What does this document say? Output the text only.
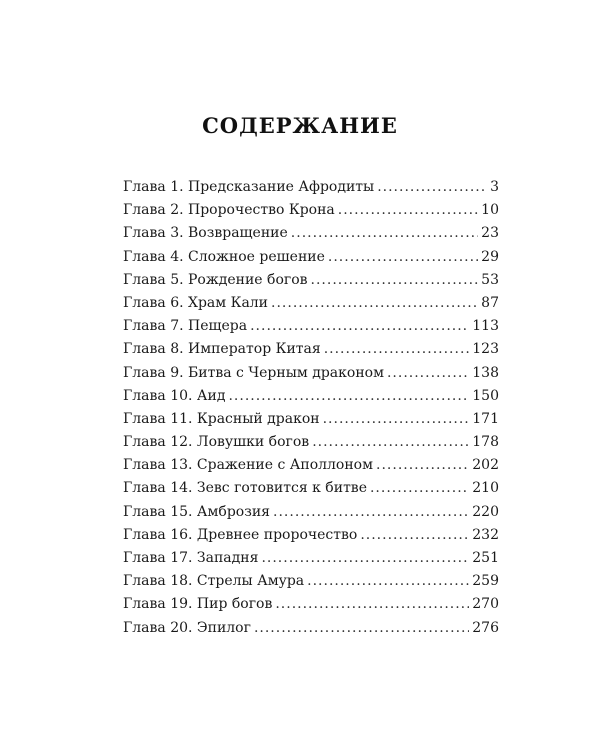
СОДЕРЖАНИЕ
Глава 1. Предсказание Афродиты .....	3
Глава 2. Пророчество Крона .....	10
Глава 3. Возвращение .....	23
Глава 4. Сложное решение .....	29
Глава 5. Рождение богов .....	53
Глава 6. Храм Кали .....	87
Глава 7. Пещера .....	113
Глава 8. Император Китая .....	123
Глава 9. Битва с Черным драконом .....	138
Глава 10. Аид .....	150
Глава 11. Красный дракон .....	171
Глава 12. Ловушки богов .....	178
Глава 13. Сражение с Аполлоном .....	202
Глава 14. Зевс готовится к битве .....	210
Глава 15. Амброзия .....	220
Глава 16. Древнее пророчество .....	232
Глава 17. Западня .....	251
Глава 18. Стрелы Амура .....	259
Глава 19. Пир богов .....	270
Глава 20. Эпилог .....	276
